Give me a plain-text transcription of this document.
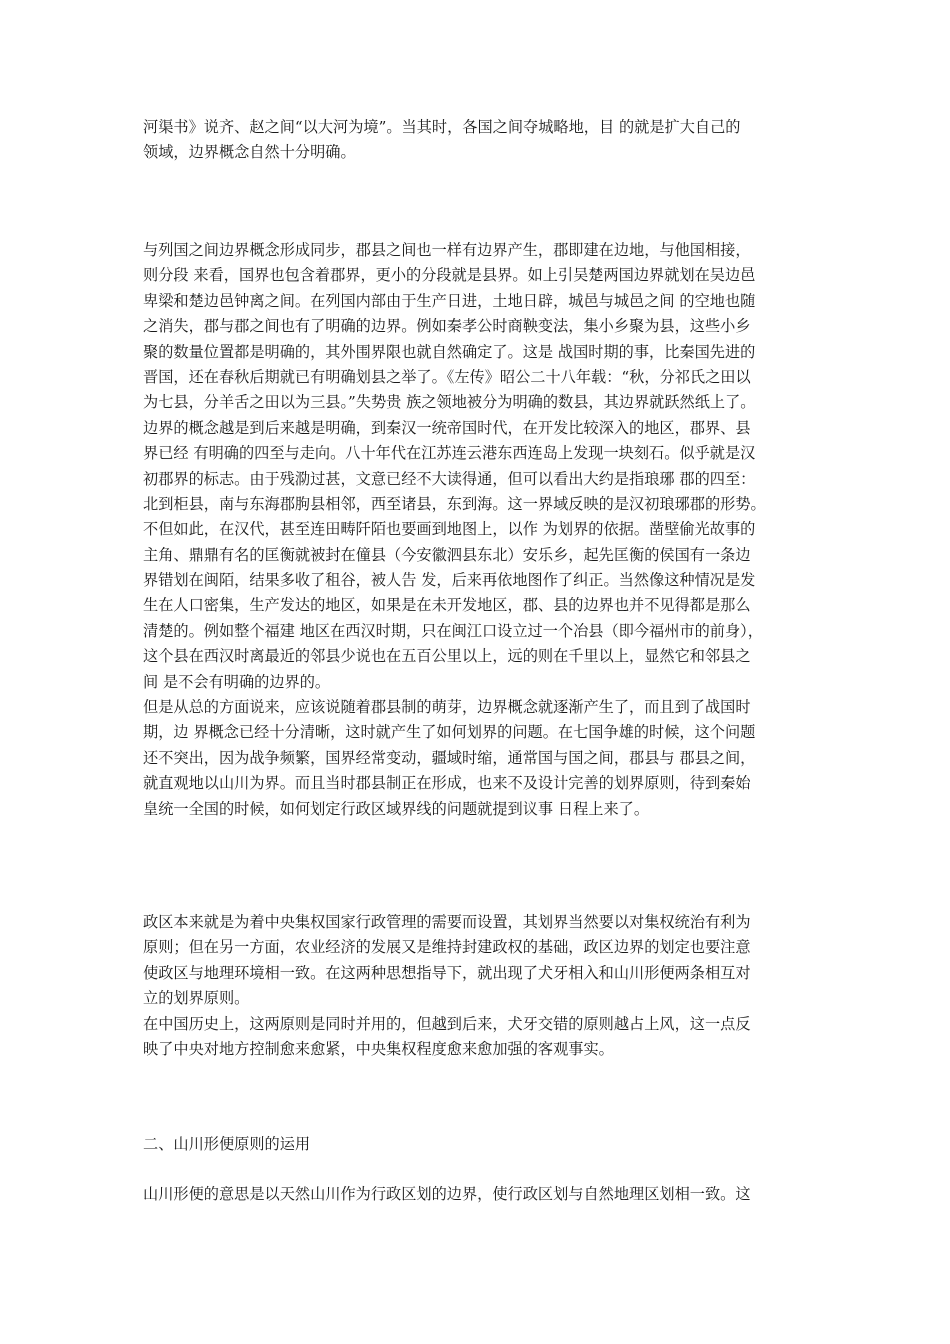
河渠书》说齐、赵之间“以大河为境”。当其时，各国之间夺城略地，目 的就是扩大自己的
领域，边界概念自然十分明确。
与列国之间边界概念形成同步，郡县之间也一样有边界产生，郡即建在边地，与他国相接，
则分段 来看，国界也包含着郡界，更小的分段就是县界。如上引吴楚两国边界就划在吴边邑
卑梁和楚边邑钟离之间。在列国内部由于生产日进，土地日辟，城邑与城邑之间 的空地也随
之消失，郡与郡之间也有了明确的边界。例如秦孝公时商鞅变法，集小乡聚为县，这些小乡
聚的数量位置都是明确的，其外围界限也就自然确定了。这是 战国时期的事，比秦国先进的
晋国，还在春秋后期就已有明确划县之举了。《左传》昭公二十八年载：“秋，分祁氏之田以
为七县，分羊舌之田以为三县。”失势贵 族之领地被分为明确的数县，其边界就跃然纸上了。
边界的概念越是到后来越是明确，到秦汉一统帝国时代，在开发比较深入的地区，郡界、县
界已经 有明确的四至与走向。八十年代在江苏连云港东西连岛上发现一块刻石。似乎就是汉
初郡界的标志。由于残泐过甚，文意已经不大读得通，但可以看出大约是指琅琊 郡的四至：
北到柜县，南与东海郡朐县相邻，西至诸县，东到海。这一界域反映的是汉初琅琊郡的形势。
不但如此，在汉代，甚至连田畴阡陌也要画到地图上，以作 为划界的依据。凿壁偷光故事的
主角、鼎鼎有名的匡衡就被封在僮县（今安徽泗县东北）安乐乡，起先匡衡的侯国有一条边
界错划在闽陌，结果多收了租谷，被人告 发，后来再依地图作了纠正。当然像这种情况是发
生在人口密集，生产发达的地区，如果是在未开发地区，郡、县的边界也并不见得都是那么
清楚的。例如整个福建 地区在西汉时期，只在闽江口设立过一个冶县（即今福州市的前身），
这个县在西汉时离最近的邻县少说也在五百公里以上，远的则在千里以上，显然它和邻县之
间 是不会有明确的边界的。
但是从总的方面说来，应该说随着郡县制的萌芽，边界概念就逐渐产生了，而且到了战国时
期，边 界概念已经十分清晰，这时就产生了如何划界的问题。在七国争雄的时候，这个问题
还不突出，因为战争频繁，国界经常变动，疆域时缩，通常国与国之间，郡县与 郡县之间，
就直观地以山川为界。而且当时郡县制正在形成，也来不及设计完善的划界原则，待到秦始
皇统一全国的时候，如何划定行政区域界线的问题就提到议事 日程上来了。
政区本来就是为着中央集权国家行政管理的需要而设置，其划界当然要以对集权统治有利为
原则；但在另一方面，农业经济的发展又是维持封建政权的基础，政区边界的划定也要注意
使政区与地理环境相一致。在这两种思想指导下，就出现了犬牙相入和山川形便两条相互对
立的划界原则。
在中国历史上，这两原则是同时并用的，但越到后来，犬牙交错的原则越占上风，这一点反
映了中央对地方控制愈来愈紧，中央集权程度愈来愈加强的客观事实。
二、山川形便原则的运用
山川形便的意思是以天然山川作为行政区划的边界，使行政区划与自然地理区划相一致。这
